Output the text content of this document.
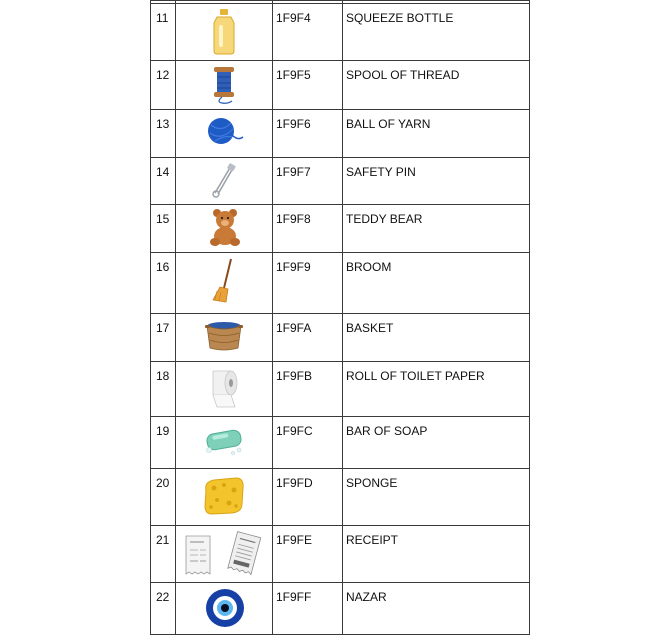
11		1F9F4	SQUEEZE BOTTLE
12		1F9F5	SPOOL OF THREAD
13		1F9F6	BALL OF YARN
14		1F9F7	SAFETY PIN
15		1F9F8	TEDDY BEAR
16		1F9F9	BROOM
17		1F9FA	BASKET
18		1F9FB	ROLL OF TOILET PAPER
19		1F9FC	BAR OF SOAP
20		1F9FD	SPONGE
21		1F9FE	RECEIPT
22		1F9FF	NAZAR
